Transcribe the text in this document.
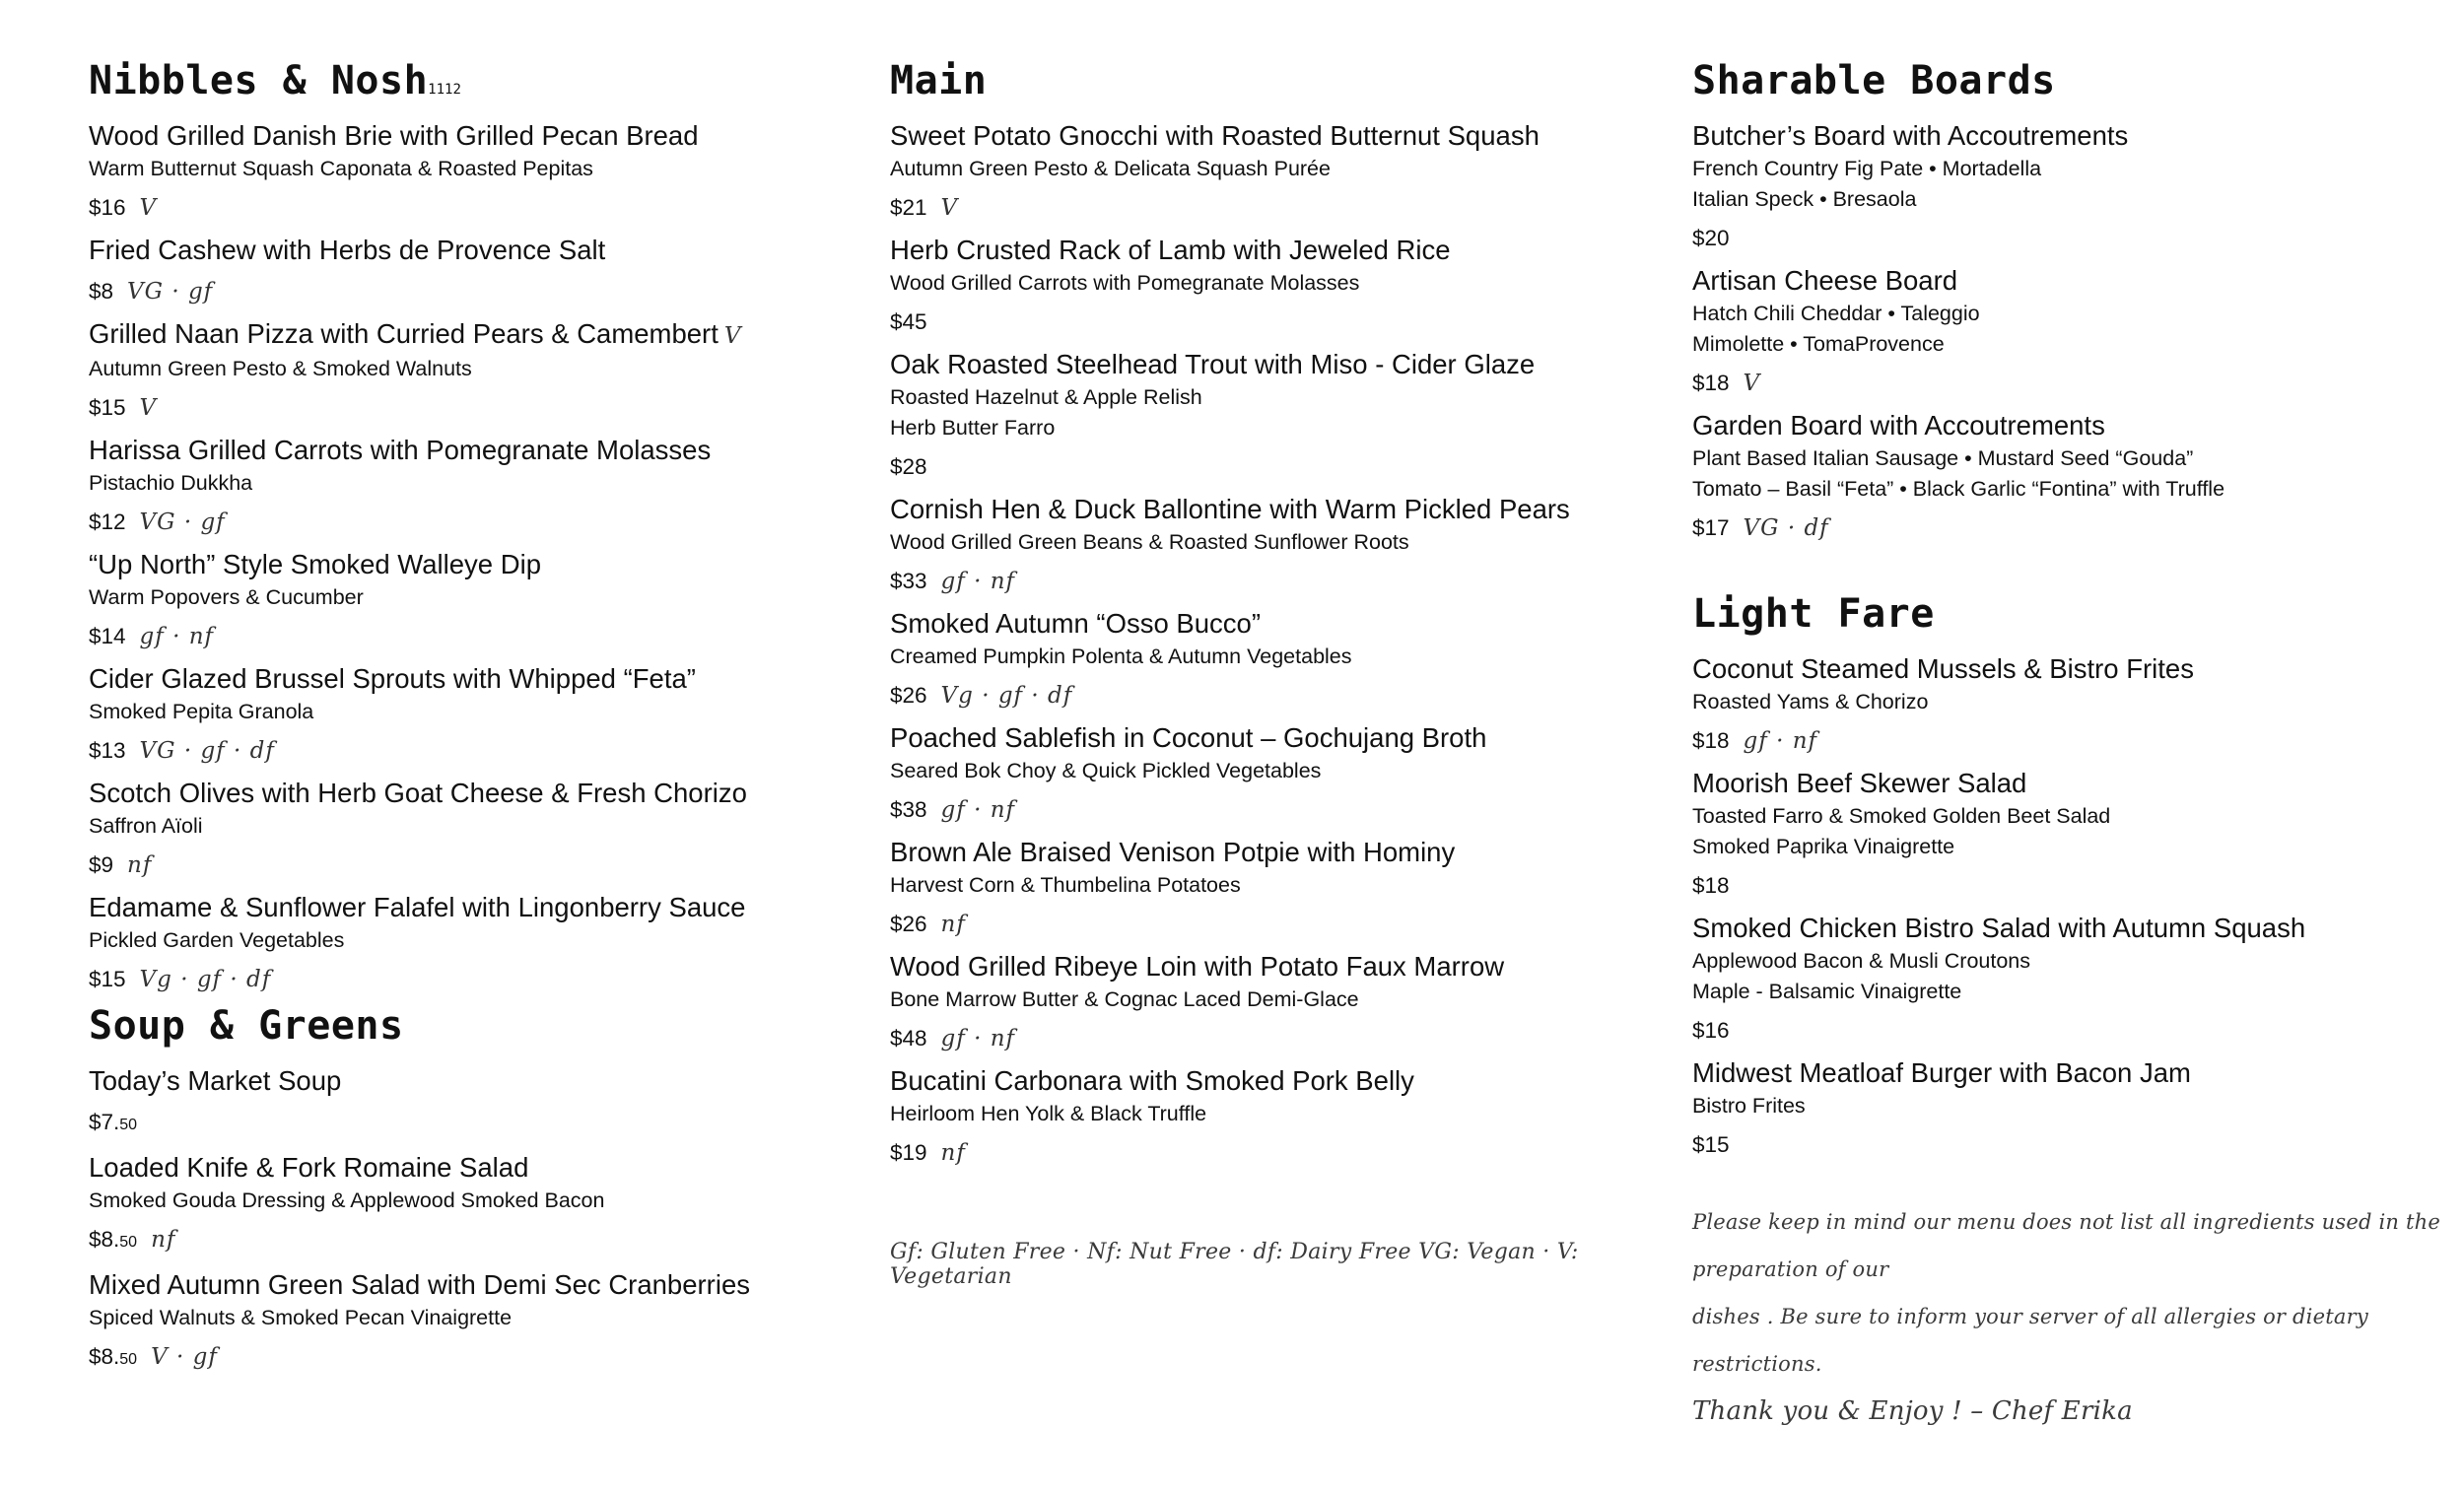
Nibbles & Nosh1112
Wood Grilled Danish Brie with Grilled Pecan Bread
Warm Butternut Squash Caponata & Roasted Pepitas
$16 V
Fried Cashew with Herbs de Provence Salt
$8 VG · gf
Grilled Naan Pizza with Curried Pears & Camembert V
Autumn Green Pesto & Smoked Walnuts
$15 V
Harissa Grilled Carrots with Pomegranate Molasses
Pistachio Dukkha
$12 VG · gf
“Up North” Style Smoked Walleye Dip
Warm Popovers & Cucumber
$14 gf · nf
Cider Glazed Brussel Sprouts with Whipped “Feta”
Smoked Pepita Granola
$13 VG · gf · df
Scotch Olives with Herb Goat Cheese & Fresh Chorizo
Saffron Aïoli
$9 nf
Edamame & Sunflower Falafel with Lingonberry Sauce
Pickled Garden Vegetables
$15 Vg · gf · df
Soup & Greens
Today’s Market Soup
$7.50
Loaded Knife & Fork Romaine Salad
Smoked Gouda Dressing & Applewood Smoked Bacon
$8.50 nf
Mixed Autumn Green Salad with Demi Sec Cranberries
Spiced Walnuts & Smoked Pecan Vinaigrette
$8.50 V · gf
Main
Sweet Potato Gnocchi with Roasted Butternut Squash
Autumn Green Pesto & Delicata Squash Purée
$21 V
Herb Crusted Rack of Lamb with Jeweled Rice
Wood Grilled Carrots with Pomegranate Molasses
$45
Oak Roasted Steelhead Trout with Miso - Cider Glaze
Roasted Hazelnut & Apple Relish
Herb Butter Farro
$28
Cornish Hen & Duck Ballontine with Warm Pickled Pears
Wood Grilled Green Beans & Roasted Sunflower Roots
$33 gf · nf
Smoked Autumn “Osso Bucco”
Creamed Pumpkin Polenta & Autumn Vegetables
$26 Vg · gf · df
Poached Sablefish in Coconut – Gochujang Broth
Seared Bok Choy & Quick Pickled Vegetables
$38 gf · nf
Brown Ale Braised Venison Potpie with Hominy
Harvest Corn & Thumbelina Potatoes
$26 nf
Wood Grilled Ribeye Loin with Potato Faux Marrow
Bone Marrow Butter & Cognac Laced Demi-Glace
$48 gf · nf
Bucatini Carbonara with Smoked Pork Belly
Heirloom Hen Yolk & Black Truffle
$19 nf
Gf: Gluten Free · Nf: Nut Free · df: Dairy Free VG: Vegan · V: Vegetarian
Sharable Boards
Butcher’s Board with Accoutrements
French Country Fig Pate • Mortadella
Italian Speck • Bresaola
$20
Artisan Cheese Board
Hatch Chili Cheddar • Taleggio
Mimolette • TomaProvence
$18 V
Garden Board with Accoutrements
Plant Based Italian Sausage • Mustard Seed “Gouda”
Tomato – Basil “Feta” • Black Garlic “Fontina” with Truffle
$17 VG · df
Light Fare
Coconut Steamed Mussels & Bistro Frites
Roasted Yams & Chorizo
$18 gf · nf
Moorish Beef Skewer Salad
Toasted Farro & Smoked Golden Beet Salad
Smoked Paprika Vinaigrette
$18
Smoked Chicken Bistro Salad with Autumn Squash
Applewood Bacon & Musli Croutons
Maple - Balsamic Vinaigrette
$16
Midwest Meatloaf Burger with Bacon Jam
Bistro Frites
$15
Please keep in mind our menu does not list all ingredients used in the preparation of our
dishes . Be sure to inform your server of all allergies or dietary restrictions.
Thank you & Enjoy ! – Chef Erika
